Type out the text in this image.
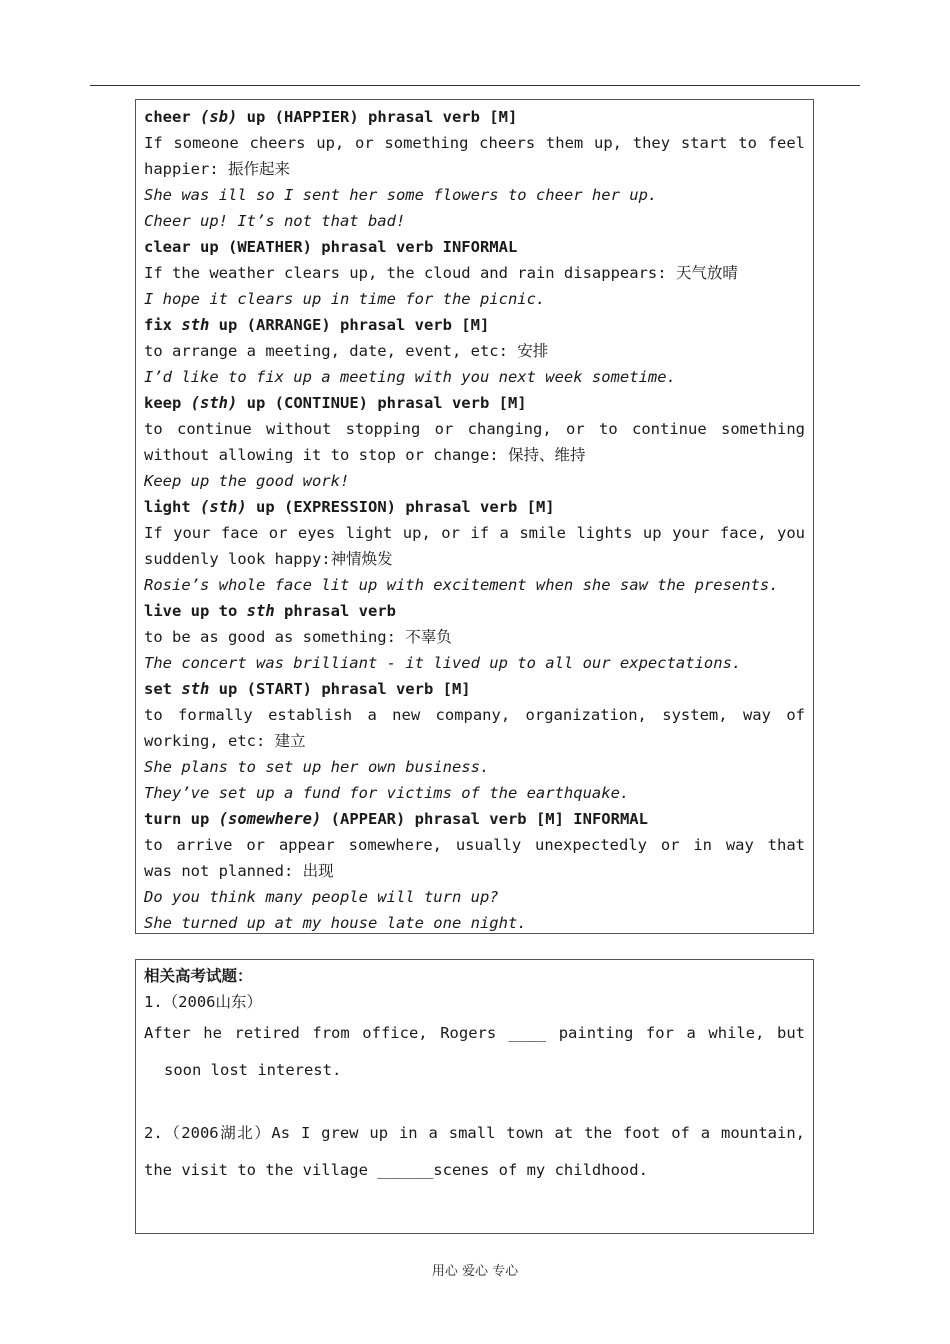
cheer (sb) up (HAPPIER) phrasal verb [M]
If someone cheers up, or something cheers them up, they start to feel
happier: 振作起来
She was ill so I sent her some flowers to cheer her up.
Cheer up! It’s not that bad!
clear up (WEATHER) phrasal verb INFORMAL
If the weather clears up, the cloud and rain disappears: 天气放晴
I hope it clears up in time for the picnic.
fix sth up (ARRANGE) phrasal verb [M]
to arrange a meeting, date, event, etc: 安排
I’d like to fix up a meeting with you next week sometime.
keep (sth) up (CONTINUE) phrasal verb [M]
to continue without stopping or changing, or to continue something
without allowing it to stop or change: 保持、维持
Keep up the good work!
light (sth) up (EXPRESSION) phrasal verb [M]
If your face or eyes light up, or if a smile lights up your face, you
suddenly look happy:神情焕发
Rosie’s whole face lit up with excitement when she saw the presents.
live up to sth phrasal verb
to be as good as something: 不辜负
The concert was brilliant - it lived up to all our expectations.
set sth up (START) phrasal verb [M]
to formally establish a new company, organization, system, way of
working, etc: 建立
She plans to set up her own business.
They’ve set up a fund for victims of the earthquake.
turn up (somewhere) (APPEAR) phrasal verb [M] INFORMAL
to arrive or appear somewhere, usually unexpectedly or in way that
was not planned: 出现
Do you think many people will turn up?
She turned up at my house late one night.
相关高考试题：
1.（2006山东）
After he retired from office, Rogers ____ painting for a while, but
soon lost interest.

2.（2006湖北）As I grew up in a small town at the foot of a mountain,
the visit to the village ______scenes of my childhood.

用心 爱心 专心
